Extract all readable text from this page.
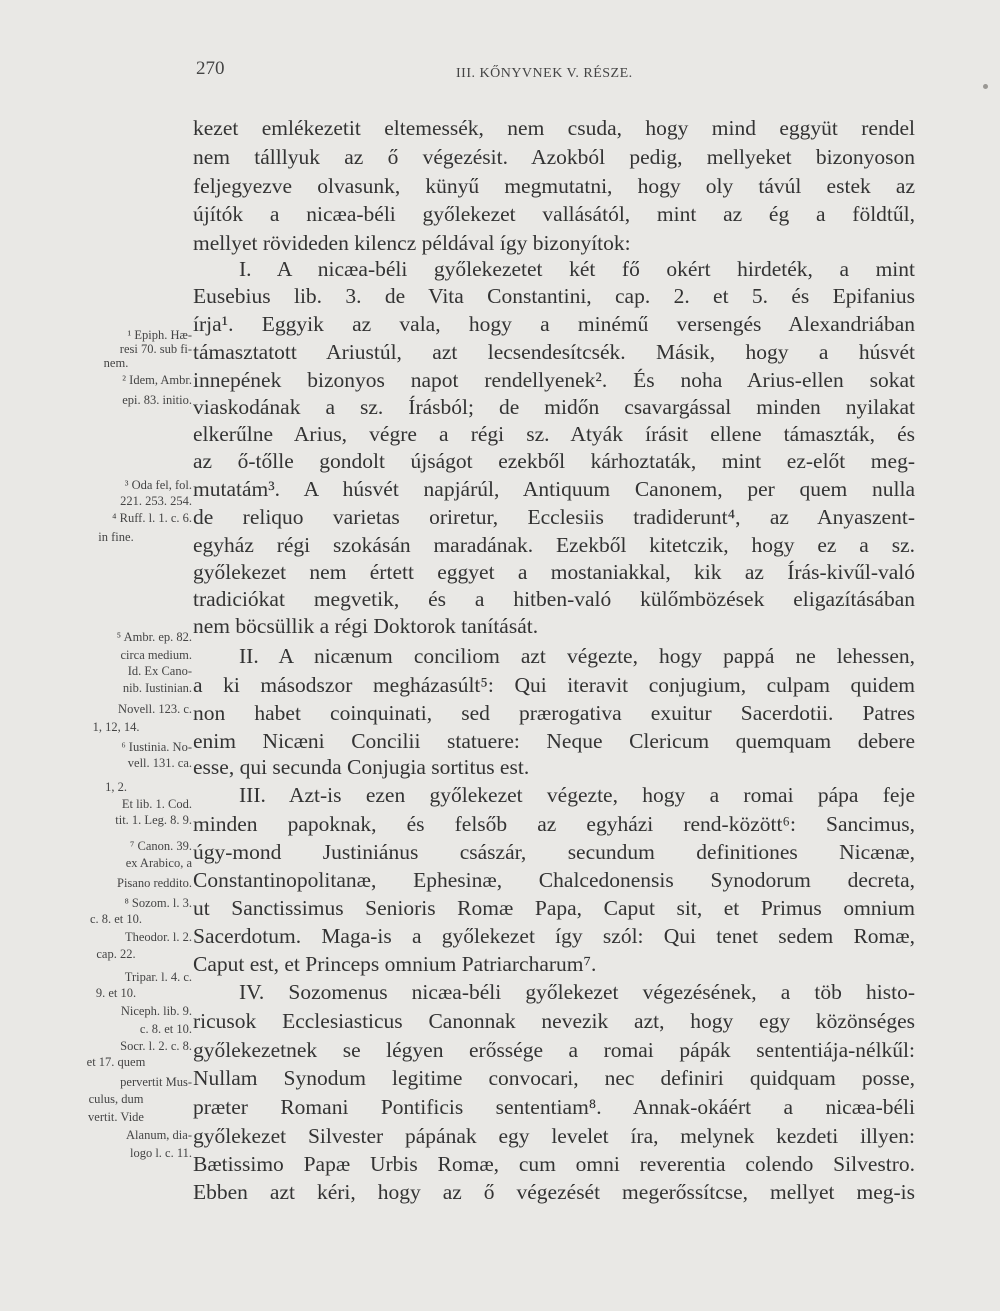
270	III. KŐNYVNEK V. RÉSZE.
kezet emlékezetit eltemessék, nem csuda, hogy mind eggyüt rendel
nem tálllyuk az ő végezésit. Azokból pedig, mellyeket bizonyoson
feljegyezve olvasunk, künyű megmutatni, hogy oly távúl estek az
újítók a nicæa-béli győlekezet vallásától, mint az ég a földtűl,
mellyet rövideden kilencz példával így bizonyítok:
I. A nicæa-béli győlekezetet két fő okért hirdeték, a mint
Eusebius lib. 3. de Vita Constantini, cap. 2. et 5. és Epifanius
írja¹. Eggyik az vala, hogy a minémű versengés Alexandriában
támasztatott Ariustúl, azt lecsendesítcsék. Másik, hogy a húsvét
innepének bizonyos napot rendellyenek². És noha Arius-ellen sokat
viaskodának a sz. Írásból; de midőn csavargással minden nyilakat
elkerűlne Arius, végre a régi sz. Atyák írásit ellene támaszták, és
az ő-tőlle gondolt újságot ezekből kárhoztaták, mint ez-előt meg-
mutatám³. A húsvét napjárúl, Antiquum Canonem, per quem nulla
de reliquo varietas oriretur, Ecclesiis tradiderunt⁴, az Anyaszent-
egyház régi szokásán maradának. Ezekből kitetczik, hogy ez a sz.
győlekezet nem értett eggyet a mostaniakkal, kik az Írás-kivűl-való
tradiciókat megvetik, és a hitben-való külőmbözések eligazításában
nem böcsüllik a régi Doktorok tanítását.
II. A nicænum conciliom azt végezte, hogy pappá ne lehessen,
a ki másodszor megházasúlt⁵: Qui iteravit conjugium, culpam quidem
non habet coinquinati, sed prærogativa exuitur Sacerdotii. Patres
enim Nicæni Concilii statuere: Neque Clericum quemquam debere
esse, qui secunda Conjugia sortitus est.
III. Azt-is ezen győlekezet végezte, hogy a romai pápa feje
minden papoknak, és felsőb az egyházi rend-között⁶: Sancimus,
úgy-mond Justiniánus császár, secundum definitiones Nicænæ,
Constantinopolitanæ, Ephesinæ, Chalcedonensis Synodorum decreta,
ut Sanctissimus Senioris Romæ Papa, Caput sit, et Primus omnium
Sacerdotum. Maga-is a győlekezet így szól: Qui tenet sedem Romæ,
Caput est, et Princeps omnium Patriarcharum⁷.
IV. Sozomenus nicæa-béli győlekezet végezésének, a töb histo-
ricusok Ecclesiasticus Canonnak nevezik azt, hogy egy közönséges
győlekezetnek se légyen erőssége a romai pápák sententiája-nélkűl:
Nullam Synodum legitime convocari, nec definiri quidquam posse,
præter Romani Pontificis sententiam⁸. Annak-okáért a nicæa-béli
győlekezet Silvester pápának egy levelet íra, melynek kezdeti illyen:
Bætissimo Papæ Urbis Romæ, cum omni reverentia colendo Silvestro.
Ebben azt kéri, hogy az ő végezését megerőssítcse, mellyet meg-is
¹ Epiph. Hæ-
resi 70. sub fi-
nem.
² Idem, Ambr.
epi. 83. initio.
³ Oda fel, fol.
221. 253. 254.
⁴ Ruff. l. 1. c. 6.
in fine.
⁵ Ambr. ep. 82.
circa medium.
Id. Ex Cano-
nib. Iustinian.
Novell. 123. c.
1, 12, 14.
⁶ Iustinia. No-
vell. 131. ca.
1, 2.
Et lib. 1. Cod.
tit. 1. Leg. 8. 9.
⁷ Canon. 39.
ex Arabico, a
Pisano reddito.
⁸ Sozom. l. 3.
c. 8. et 10.
Theodor. l. 2.
cap. 22.
Tripar. l. 4. c.
9. et 10.
Niceph. lib. 9.
c. 8. et 10.
Socr. l. 2. c. 8.
et 17. quem
pervertit Mus-
culus, dum
vertit. Vide
Alanum, dia-
logo l. c. 11.
